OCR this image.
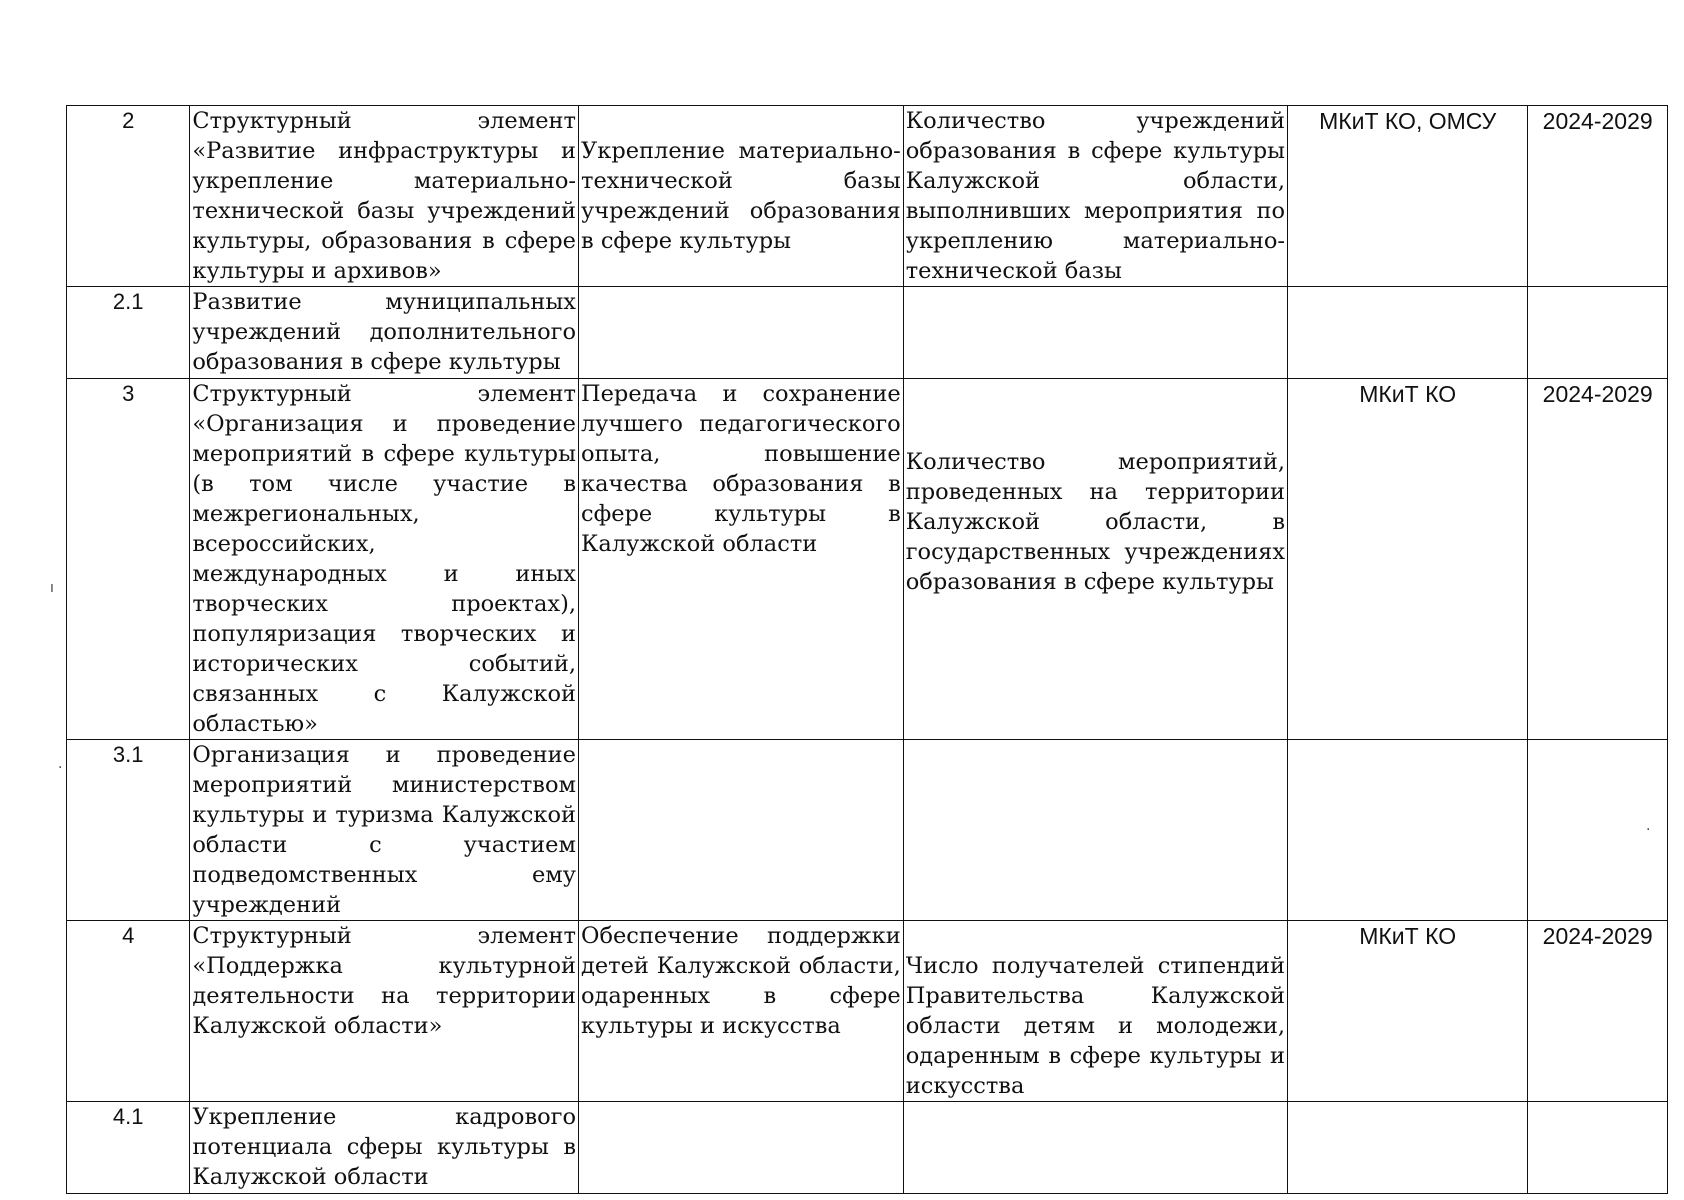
2	Структурный элемент «Развитие инфраструктуры и укрепление материально-технической базы учреждений культуры, образования в сфере культуры и архивов»	Укрепление материально-технической базы учреждений образования в сфере культуры	Количество учреждений образования в сфере культуры Калужской области, выполнивших мероприятия по укреплению материально-технической базы	МКиТ КО, ОМСУ	2024-2029
2.1	Развитие муниципальных учреждений дополнительного образования в сфере культуры				
3	Структурный элемент «Организация и проведение мероприятий в сфере культуры (в том числе участие в межрегиональных, всероссийских, международных и иных творческих проектах), популяризация творческих и исторических событий, связанных с Калужской областью»	Передача и сохранение лучшего педагогического опыта, повышение качества образования в сфере культуры в Калужской области	Количество мероприятий, проведенных на территории Калужской области, в государственных учреждениях образования в сфере культуры	МКиТ КО	2024-2029
3.1	Организация и проведение мероприятий министерством культуры и туризма Калужской области с участием подведомственных ему учреждений				
4	Структурный элемент «Поддержка культурной деятельности на территории Калужской области»	Обеспечение поддержки детей Калужской области, одаренных в сфере культуры и искусства	Число получателей стипендий Правительства Калужской области детям и молодежи, одаренным в сфере культуры и искусства	МКиТ КО	2024-2029
4.1	Укрепление кадрового потенциала сферы культуры в Калужской области				
ı
·
·
